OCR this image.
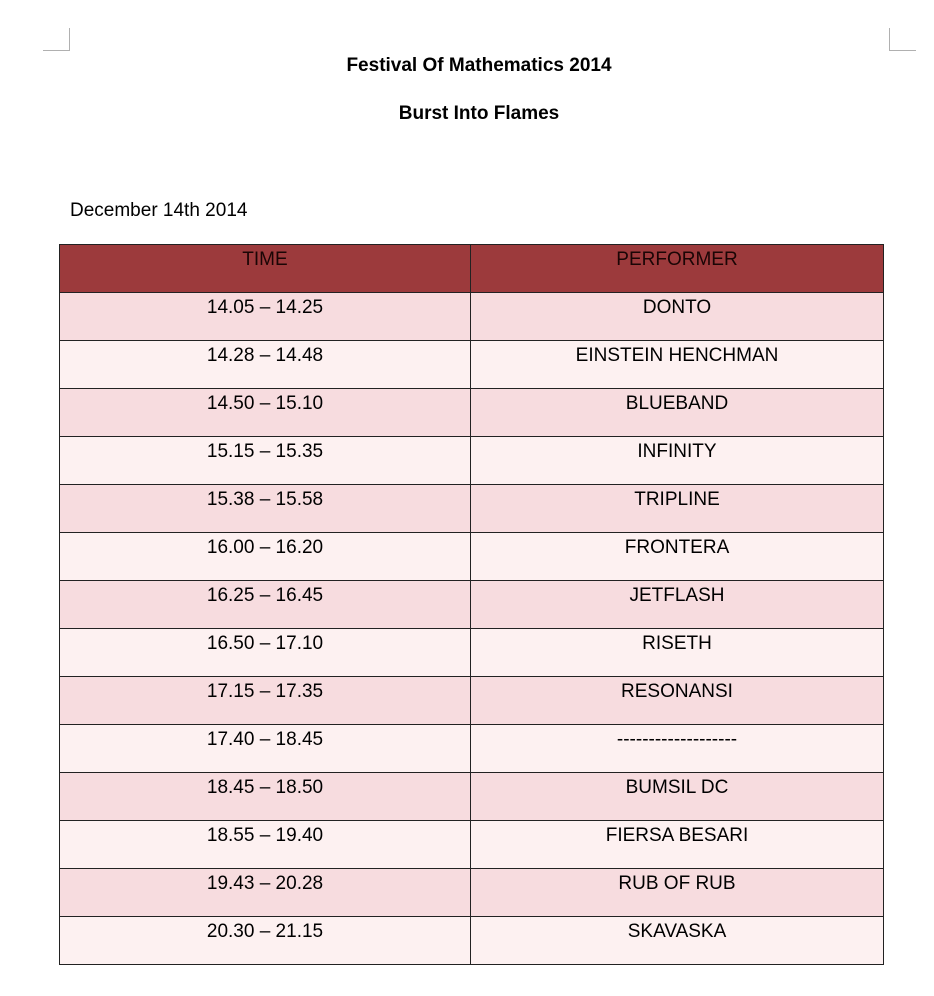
Festival Of Mathematics 2014
Burst Into Flames
December 14th 2014
TIME	PERFORMER

14.05 – 14.25	DONTO

14.28 – 14.48	EINSTEIN HENCHMAN

14.50 – 15.10	BLUEBAND

15.15 – 15.35	INFINITY

15.38 – 15.58	TRIPLINE

16.00 – 16.20	FRONTERA

16.25 – 16.45	JETFLASH

16.50 – 17.10	RISETH

17.15 – 17.35	RESONANSI

17.40 – 18.45	-------------------

18.45 – 18.50	BUMSIL DC

18.55 – 19.40	FIERSA BESARI

19.43 – 20.28	RUB OF RUB

20.30 – 21.15	SKAVASKA
